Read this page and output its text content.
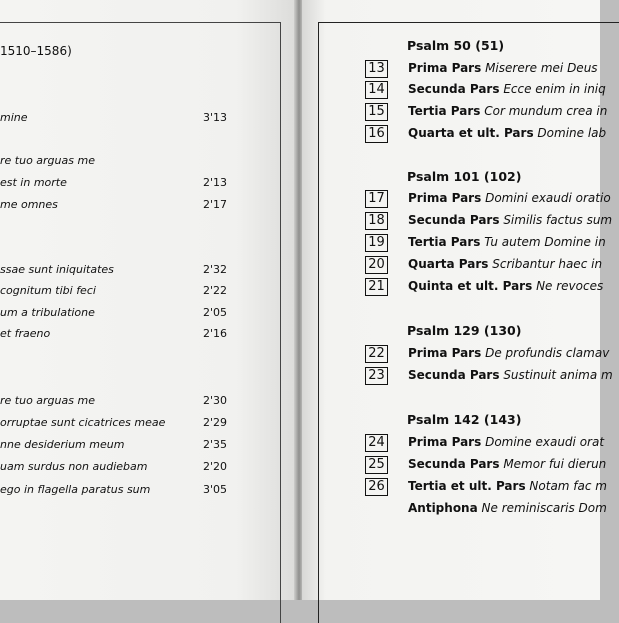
1510–1586)
mine	3'13
re tuo arguas me
est in morte	2'13
me omnes	2'17
ssae sunt iniquitates	2'32
cognitum tibi feci	2'22
um a tribulatione	2'05
et fraeno	2'16
re tuo arguas me	2'30
orruptae sunt cicatrices meae	2'29
nne desiderium meum	2'35
uam surdus non audiebam	2'20
ego in flagella paratus sum	3'05
Psalm 50 (51)
13 Prima Pars Miserere mei Deus
14 Secunda Pars Ecce enim in iniq
15 Tertia Pars Cor mundum crea in
16 Quarta et ult. Pars Domine lab
Psalm 101 (102)
17 Prima Pars Domini exaudi oratio
18 Secunda Pars Similis factus sum
19 Tertia Pars Tu autem Domine in
20 Quarta Pars Scribantur haec in
21 Quinta et ult. Pars Ne revoces
Psalm 129 (130)
22 Prima Pars De profundis clamav
23 Secunda Pars Sustinuit anima m
Psalm 142 (143)
24 Prima Pars Domine exaudi orat
25 Secunda Pars Memor fui dierun
26 Tertia et ult. Pars Notam fac m
Antiphona Ne reminiscaris Dom
